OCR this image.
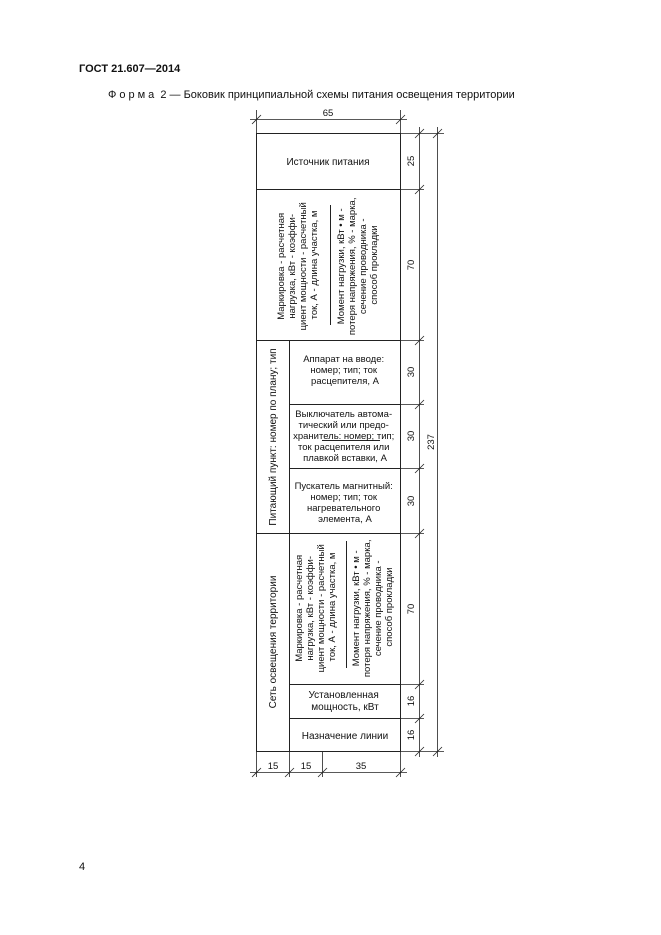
ГОСТ 21.607—2014
Форма 2 — Боковик принципиальной схемы питания освещения территории
4
65
15 15	35
237
25
70
30
30
30
70
16
16
Источник питания
Маркировка - расчетная нагрузка, кВт - коэффи- циент мощности - расчетный ток, А - длина участка, м Момент нагрузки, кВт • м - потеря напряжения, % - марка, сечение проводника - способ прокладки
Питающий пункт: номер по плану; тип	Аппарат на вводе: номер; тип; ток расцепителя, А
Выключатель автома- тический или предо- хранитель: номер; тип; ток расцепителя или плавкой вставки, А
Пускатель магнитный: номер; тип; ток нагревательного элемента, А
Сеть освещения территории Маркировка - расчетная нагрузка, кВт - коэффи- циент мощности - расчетный ток, А - длина участка, м Момент нагрузки, кВт • м - потеря напряжения, % - марка, сечение проводника - способ прокладки
Установленная мощность, кВт
Назначение линии
